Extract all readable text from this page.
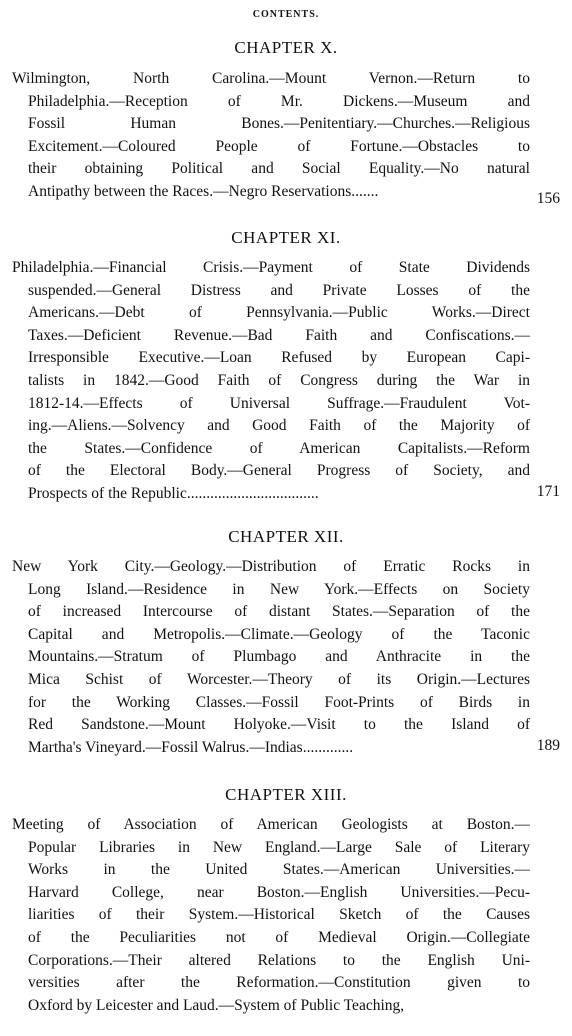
CONTENTS.
CHAPTER X.
Wilmington, North Carolina.—Mount Vernon.—Return to
Philadelphia.—Reception of Mr. Dickens.—Museum and
Fossil Human Bones.—Penitentiary.—Churches.—Religious
Excitement.—Coloured People of Fortune.—Obstacles to
their obtaining Political and Social Equality.—No natural
Antipathy between the Races.—Negro Reservations.......	156
CHAPTER XI.
Philadelphia.—Financial Crisis.—Payment of State Dividends
suspended.—General Distress and Private Losses of the
Americans.—Debt of Pennsylvania.—Public Works.—Direct
Taxes.—Deficient Revenue.—Bad Faith and Confiscations.—
Irresponsible Executive.—Loan Refused by European Capi-
talists in 1842.—Good Faith of Congress during the War in
1812-14.—Effects of Universal Suffrage.—Fraudulent Vot-
ing.—Aliens.—Solvency and Good Faith of the Majority of
the States.—Confidence of American Capitalists.—Reform
of the Electoral Body.—General Progress of Society, and
Prospects of the Republic..................................	171
CHAPTER XII.
New York City.—Geology.—Distribution of Erratic Rocks in
Long Island.—Residence in New York.—Effects on Society
of increased Intercourse of distant States.—Separation of the
Capital and Metropolis.—Climate.—Geology of the Taconic
Mountains.—Stratum of Plumbago and Anthracite in the
Mica Schist of Worcester.—Theory of its Origin.—Lectures
for the Working Classes.—Fossil Foot-Prints of Birds in
Red Sandstone.—Mount Holyoke.—Visit to the Island of
Martha's Vineyard.—Fossil Walrus.—Indias.............	189
CHAPTER XIII.
Meeting of Association of American Geologists at Boston.—
Popular Libraries in New England.—Large Sale of Literary
Works in the United States.—American Universities.—
Harvard College, near Boston.—English Universities.—Pecu-
liarities of their System.—Historical Sketch of the Causes
of the Peculiarities not of Medieval Origin.—Collegiate
Corporations.—Their altered Relations to the English Uni-
versities after the Reformation.—Constitution given to
Oxford by Leicester and Laud.—System of Public Teaching,
